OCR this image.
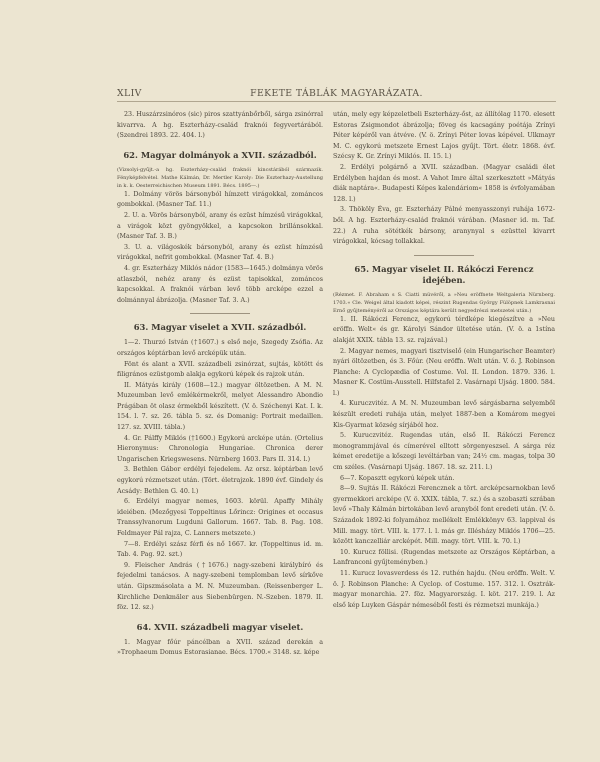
XLIV	FEKETE TÁBLÁK MAGYARÁZATA.

23. Huszárzsinóros (sic) piros szattyánbőrből, sárga zsinórral kivarrva. A hg. Eszterházy-család fraknói fegyvertárából. (Szendrei 1893. 22. 404. l.)

62. Magyar dolmányok a XVII. századból.

(Vizsolyi-gyűjt.-a hg. Eszterházy-család fraknói kincstárából származik. Fényképfelvétel. Mathe Kálmán, Dr. Mertler Karoly: Die Eszterhazy-Austellung in k. k. Oesterreichischen Museum 1891. Bécs. 1895—.)

1. Dolmány vörös bársonyból hímzett virágokkal, zománcos gombokkal. (Masner Taf. 11.)

2. U. a. Vörös bársonyból, arany és ezüst hímzésű virágokkal, a virágok közt gyöngyökkel, a kapcsokon brillánsokkal. (Masner Taf. 3. B.)

3. U. a. világoskék bársonyból, arany és ezüst hímzésű virágokkal, nefrit gombokkal. (Masner Taf. 4. B.)

4. gr. Eszterházy Miklós nádor (1583—1645.) dolmánya vörös atlaszból, nehéz arany és ezüst tapisokkal, zománcos kapcsokkal. A fraknói várban levő több arcképe ezzel a dolmánnyal ábrázolja. (Masner Taf. 3. A.)

63. Magyar viselet a XVII. századból.

1—2. Thurzó István (†1607.) s első neje, Szegedy Zsófia. Az országos képtárban levő arcképük után.

Fönt és alant a XVII. századbeli zsinórzat, sujtás, kötött és filigrános ezüstgomb alakja egykorú képek és rajzok után.

II. Mátyás király (1608—12.) magyar öltözetben. A M. N. Muzeumban levő emlékérmekről, melyet Alessandro Abondio Prágában öt olasz érmekből készített. (V. ö. Széchenyi Kat. I. k. 154. l. 7. sz. 26. tábla 5. sz. és Domanig: Portrait medaillen. 127. sz. XVIII. tábla.)

4. Gr. Pálffy Miklós (†1600.) Egykorú arcképe után. (Ortelius Hieronymus: Chronologia Hungariae. Chronica derer Ungarischen Kriegswesens. Nürnberg 1603. Pars II. 314. l.)

3. Bethlen Gábor erdélyi fejedelem. Az orsz. képtárban levő egykorú rézmetszet után. (Tört. életrajzok. 1890 évf. Gindely és Acsády: Bethlen G. 40. l.)

6. Erdélyi magyar nemes, 1603. körül. Apaffy Mihály ideiében. (Mezőgyesi Toppeltinus Lőrincz: Origines et occasus Transsylvanorum Lugduni Gallorum. 1667. Tab. 8. Pag. 108. Feldmayer Pál rajza, C. Lanners metszete.)

7—8. Erdélyi szász férfi és nő 1667. kr. (Toppeltinus id. m. Tab. 4. Pag. 92. szt.)

9. Fleischer András (†1676.) nagy-szebeni királybíró és fejedelmi tanácsos. A nagy-szebeni templomban levő sírkőve után. Gipszmásolata a M. N. Muzeumban. (Reissenberger L. Kirchliche Denkmäler aus Siebenbürgen. N.-Szeben. 1879. II. föz. 12. sz.)

64. XVII. századbeli magyar viselet.

1. Magyar főúr páncélban a XVII. század derekán a »Trophaeum Domus Estorasianae. Bécs. 1700.« 3148. sz. képe

után, mely egy képzeletbeli Eszterházy-őst, az állítólag 1170. elesett Estoras Zsigmondot ábrázolja; föveg és kacsagány poétája Zrínyi Péter képéről van átvéve. (V. ö. Zrínyi Péter lovas képével. Ulkmayr M. C. egykorú metszete Ernest Lajos gyűjt. Tört. életr. 1868. évf. Szécsy K. Gr. Zrínyi Miklós. II. 15. l.)

2. Erdélyi polgárnő a XVII. században. (Magyar családi élet Erdélyben hajdan és most. A Vahot Imre által szerkesztett »Mátyás diák naptára«. Budapesti Képes kalendáriom« 1858 is évfolyamában 128. l.)

3. Thököly Éva, gr. Eszterházy Pálné menyasszonyi ruhája 1672-ből. A hg. Eszterházy-család fraknói várában. (Masner id. m. Taf. 22.) A ruha sötétkék bársony, aranynyal s ezüsttel kivarrt virágokkal, kócsag tollakkal.

65. Magyar viselet II. Rákóczi Ferencz idejében.

(Rézmet. F. Abraham s S. Ciatti müvéről, a »Neu eröffnete Weltgaleria Nürnberg. 1703.« Cle. Weigel által kiadott képei, részint Rugendas György Fülöpnek Lamkrasnai Ernő gyűjteményéről az Országos képtára került negyedrészi metszetei után.)

1. II. Rákóczi Ferencz, egykorú térdképe kiegészítve a »Neu eröffn. Welt« és gr. Károlyi Sándor ültetése után. (V. ö. a 1stína alakját XXIX. tábla 13. sz. rajzával.)

2. Magyar nemes, magyari tisztviselő (ein Hungarischer Beamter) nyári öltözetben, és 3. Főúr. (Neu eröffn. Welt után. V. ö. J. Robinson Planche: A Cyclopædia of Costume. Vol. II. London. 1879. 336. l. Masner K. Costüm-Ausstell. Hilfstafel 2. Vasárnapi Ujság. 1800. 584. l.)

4. Kuruczvitéz. A M. N. Muzeumban levő sárgásbarna selyemből készült eredeti ruhája után, melyet 1887-ben a Komárom megyei Kis-Gyarmat község sírjából hoz.

5. Kuruczvitéz. Rugendas után, első II. Rákóczi Ferencz monogrammjával és címerével elltott sörgenyeszsel. A sárga réz kémet eredetije a kőszegi levéltárban van; 24½ cm. magas, tolpa 30 cm széles. (Vasárnapi Ujság. 1867. 18. sz. 211. l.)

6—7. Kopasztt egykorú képek után.

8—9. Sujtás II. Rákóczi Ferencznek a tört. arcképcsarnokban levő gyermekkori arcképe (V. ö. XXIX. tábla, 7. sz.) és a szobaszti szrában levő »Thaly Kálmán birtokában levő aranyból font eredeti után. (V. ö. Századok 1892-ki folyamához mellékelt Emlékkönyv 63. lappival és Mill. magy. tört. VIII. k. 177. l. l. más gr. Illésházy Miklós 1706—25. között kanczelliár arcképét. Mill. magy. tört. VIII. k. 70. l.)

10. Kurucz föllisi. (Rugendas metszete az Országos Képtárban, a Lanfranconi gyűjteményben.)

11. Kurucz lovasverdess és 12. ruthén hajdu. (Neu eröffn. Welt. V. ö. J. Robinson Planche: A Cyclop. of Costume. 157. 312. l. Osztrák-magyar monarchia. 27. föz. Magyarország. I. köt. 217. 219. l. Az első kép Luyken Gáspár némeséből festi és rézmetszi munkája.)
